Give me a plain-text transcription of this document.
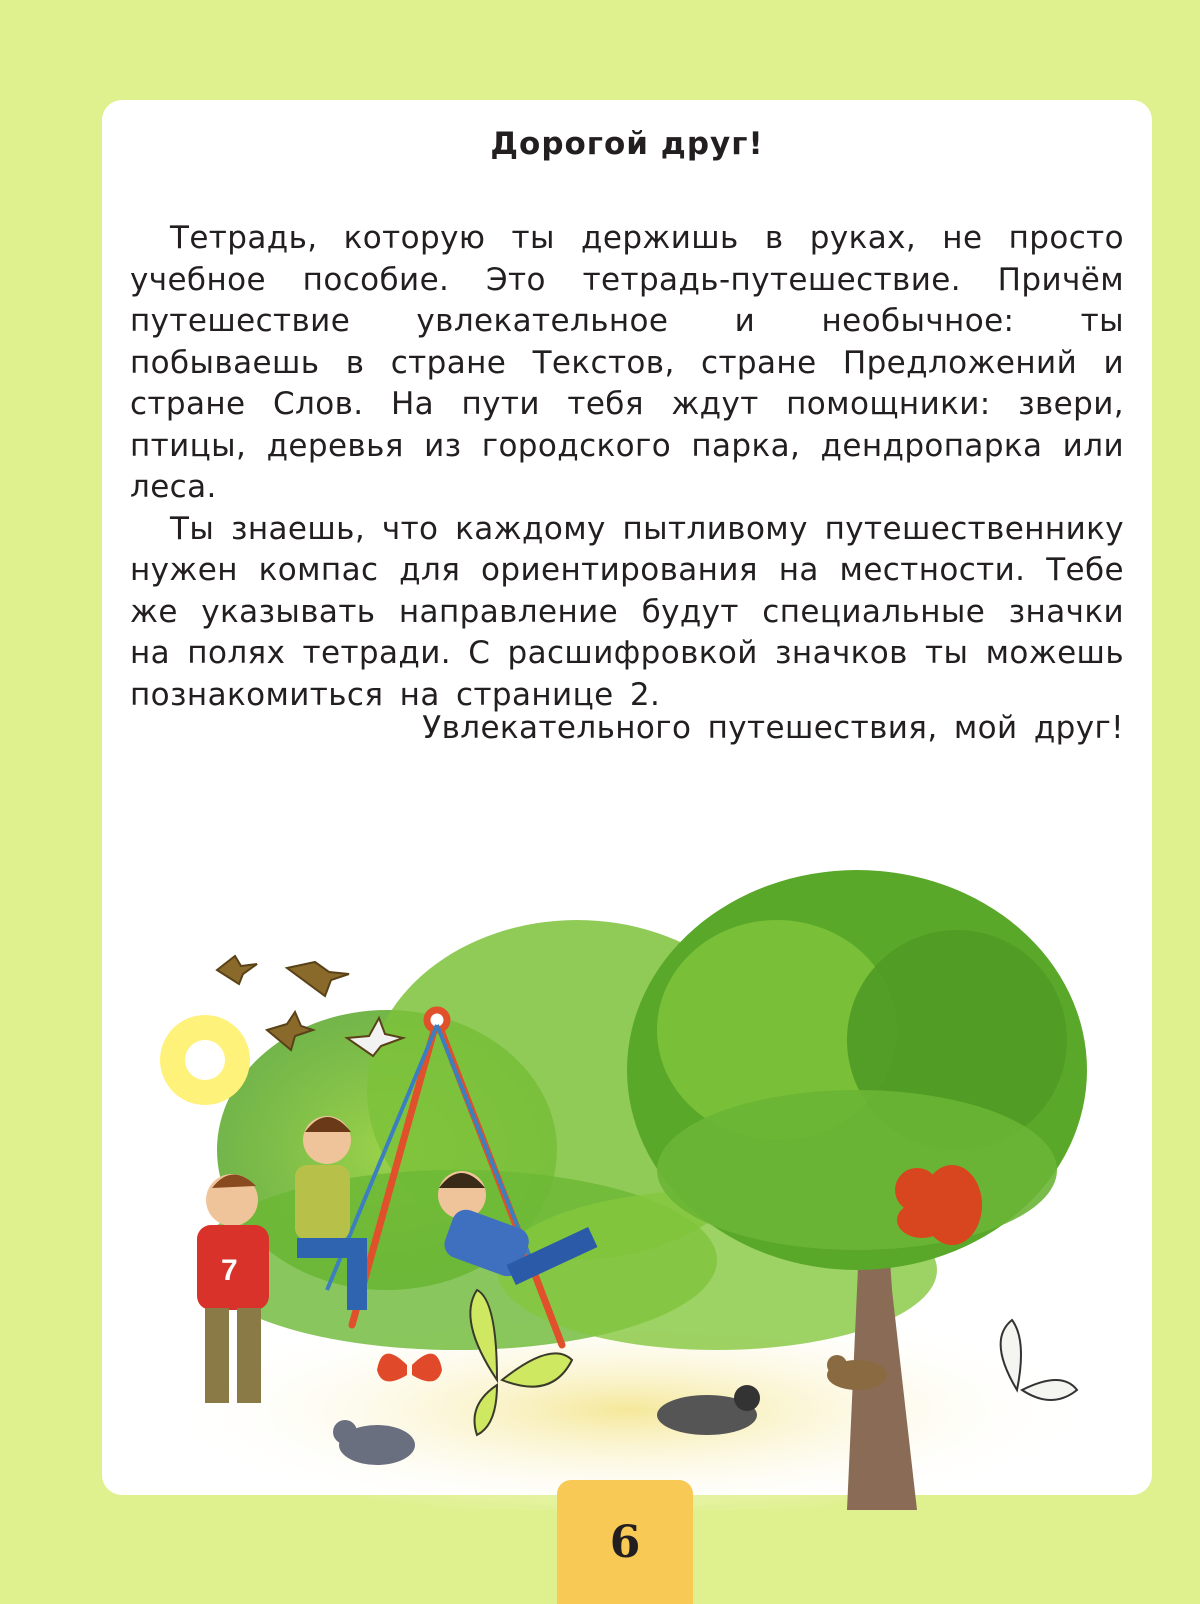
Дорогой друг!

Тетрадь, которую ты держишь в руках, не просто учебное пособие. Это тетрадь-путешествие. Причём путешествие увлекательное и необычное: ты побываешь в стране Текстов, стране Предложений и стране Слов. На пути тебя ждут помощники: звери, птицы, деревья из городского парка, дендропарка или леса.

Ты знаешь, что каждому пытливому путешественнику нужен компас для ориентирования на местности. Тебе же указывать направление будут специальные значки на полях тетради. С расшифровкой значков ты можешь познакомиться на странице 2.

Увлекательного путешествия, мой друг!
7
6
